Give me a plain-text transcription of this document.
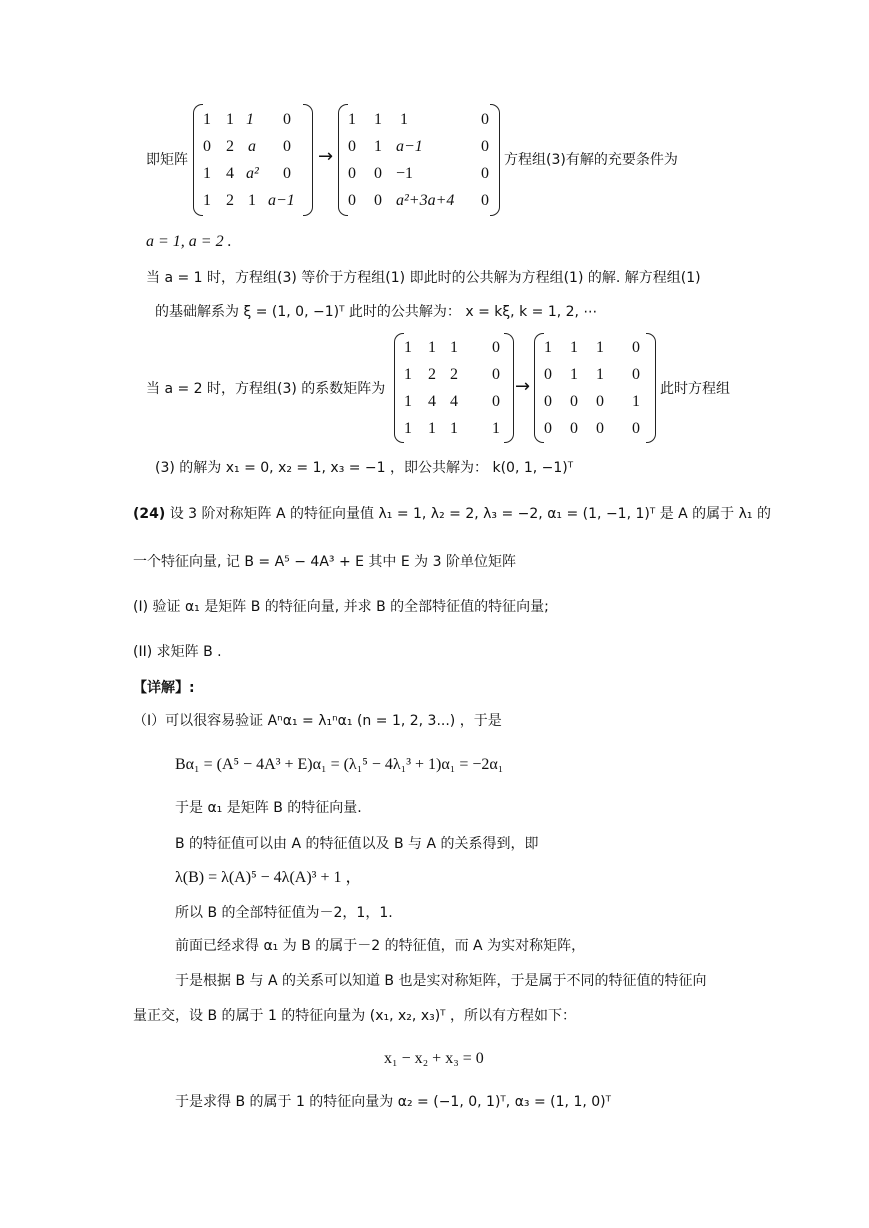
即矩阵
1 1 1 0
0 2 a 0
1 4 a² 0
1 2 1 a−1
→
1 1 1	0
0 1 a−1	0
0 0 −1	0
0 0 a²+3a+4 0
方程组(3)有解的充要条件为
a = 1, a = 2 .
当 a = 1 时，方程组(3) 等价于方程组(1) 即此时的公共解为方程组(1) 的解. 解方程组(1)
的基础解系为 ξ = (1, 0, −1)ᵀ 此时的公共解为： x = kξ, k = 1, 2, ⋯
当 a = 2 时，方程组(3) 的系数矩阵为
1 1 1 0
1 2 2 0
1 4 4 0
1 1 1 1
→
1 1 1 0
0 1 1 0
0 0 0 1
0 0 0 0
此时方程组
(3) 的解为 x₁ = 0, x₂ = 1, x₃ = −1 ，即公共解为： k(0, 1, −1)ᵀ
(24) 设 3 阶对称矩阵 A 的特征向量值 λ₁ = 1, λ₂ = 2, λ₃ = −2, α₁ = (1, −1, 1)ᵀ 是 A 的属于 λ₁ 的
一个特征向量, 记 B = A⁵ − 4A³ + E 其中 E 为 3 阶单位矩阵
(I) 验证 α₁ 是矩阵 B 的特征向量, 并求 B 的全部特征值的特征向量;
(II) 求矩阵 B .
【详解】:
（Ⅰ）可以很容易验证 Aⁿα₁ = λ₁ⁿα₁ (n = 1, 2, 3...) ，于是
Bα₁ = (A⁵ − 4A³ + E)α₁ = (λ₁⁵ − 4λ₁³ + 1)α₁ = −2α₁
于是 α₁ 是矩阵 B 的特征向量.
B 的特征值可以由 A 的特征值以及 B 与 A 的关系得到，即
λ(B) = λ(A)⁵ − 4λ(A)³ + 1 ，
所以 B 的全部特征值为－2，1，1.
前面已经求得 α₁ 为 B 的属于－2 的特征值，而 A 为实对称矩阵，
于是根据 B 与 A 的关系可以知道 B 也是实对称矩阵，于是属于不同的特征值的特征向
量正交，设 B 的属于 1 的特征向量为 (x₁, x₂, x₃)ᵀ ，所以有方程如下：
x₁ − x₂ + x₃ = 0
于是求得 B 的属于 1 的特征向量为 α₂ = (−1, 0, 1)ᵀ, α₃ = (1, 1, 0)ᵀ
